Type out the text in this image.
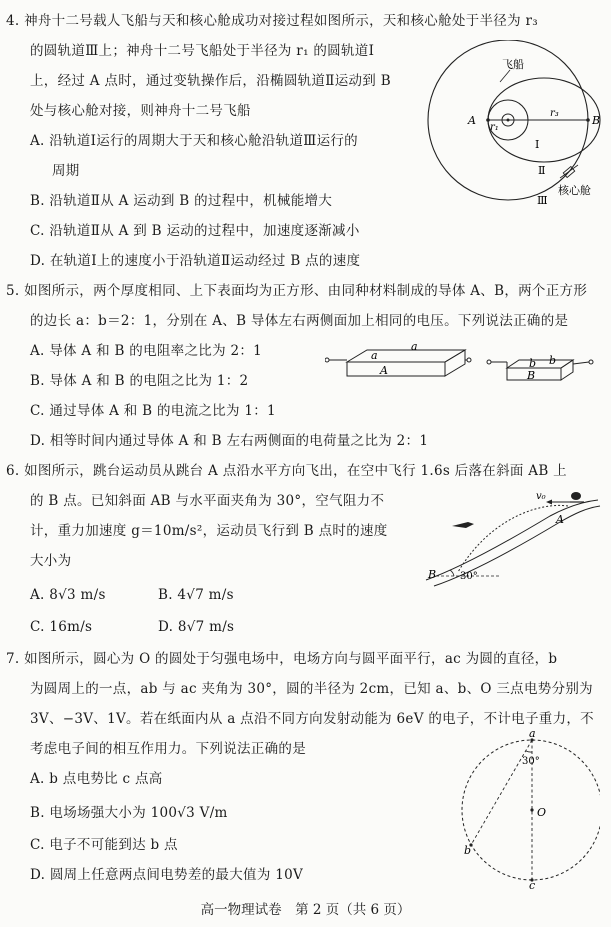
4. 神舟十二号载人飞船与天和核心舱成功对接过程如图所示，天和核心舱处于半径为 r₃
的圆轨道Ⅲ上；神舟十二号飞船处于半径为 r₁ 的圆轨道Ⅰ
上，经过 A 点时，通过变轨操作后，沿椭圆轨道Ⅱ运动到 B
处与核心舱对接，则神舟十二号飞船
A. 沿轨道Ⅰ运行的周期大于天和核心舱沿轨道Ⅲ运行的
周期
B. 沿轨道Ⅱ从 A 运动到 B 的过程中，机械能增大
C. 沿轨道Ⅱ从 A 到 B 运动的过程中，加速度逐渐减小
D. 在轨道Ⅰ上的速度小于沿轨道Ⅱ运动经过 B 点的速度
飞船
A	B
r₁
r₃
Ⅰ
Ⅱ
Ⅲ
核心舱
5. 如图所示，两个厚度相同、上下表面均为正方形、由同种材料制成的导体 A、B，两个正方形
的边长 a：b＝2：1，分别在 A、B 导体左右两侧面加上相同的电压。下列说法正确的是
A. 导体 A 和 B 的电阻率之比为 2：1
B. 导体 A 和 B 的电阻之比为 1：2
C. 通过导体 A 和 B 的电流之比为 1：1
D. 相等时间内通过导体 A 和 B 左右两侧面的电荷量之比为 2：1
a
a
A
b b
B
6. 如图所示，跳台运动员从跳台 A 点沿水平方向飞出，在空中飞行 1.6s 后落在斜面 AB 上
的 B 点。已知斜面 AB 与水平面夹角为 30°，空气阻力不
计，重力加速度 g＝10m/s²，运动员飞行到 B 点时的速度
大小为
A. 8√3 m/s	B. 4√7 m/s
C. 16m/s	D. 8√7 m/s
v₀
A
B 30°
7. 如图所示，圆心为 O 的圆处于匀强电场中，电场方向与圆平面平行，ac 为圆的直径，b
为圆周上的一点，ab 与 ac 夹角为 30°，圆的半径为 2cm，已知 a、b、O 三点电势分别为
3V、−3V、1V。若在纸面内从 a 点沿不同方向发射动能为 6eV 的电子，不计电子重力，不
考虑电子间的相互作用力。下列说法正确的是
A. b 点电势比 c 点高
B. 电场场强大小为 100√3 V/m
C. 电子不可能到达 b 点
D. 圆周上任意两点间电势差的最大值为 10V
a
b
c
O
30°
高一物理试卷　第 2 页（共 6 页）
